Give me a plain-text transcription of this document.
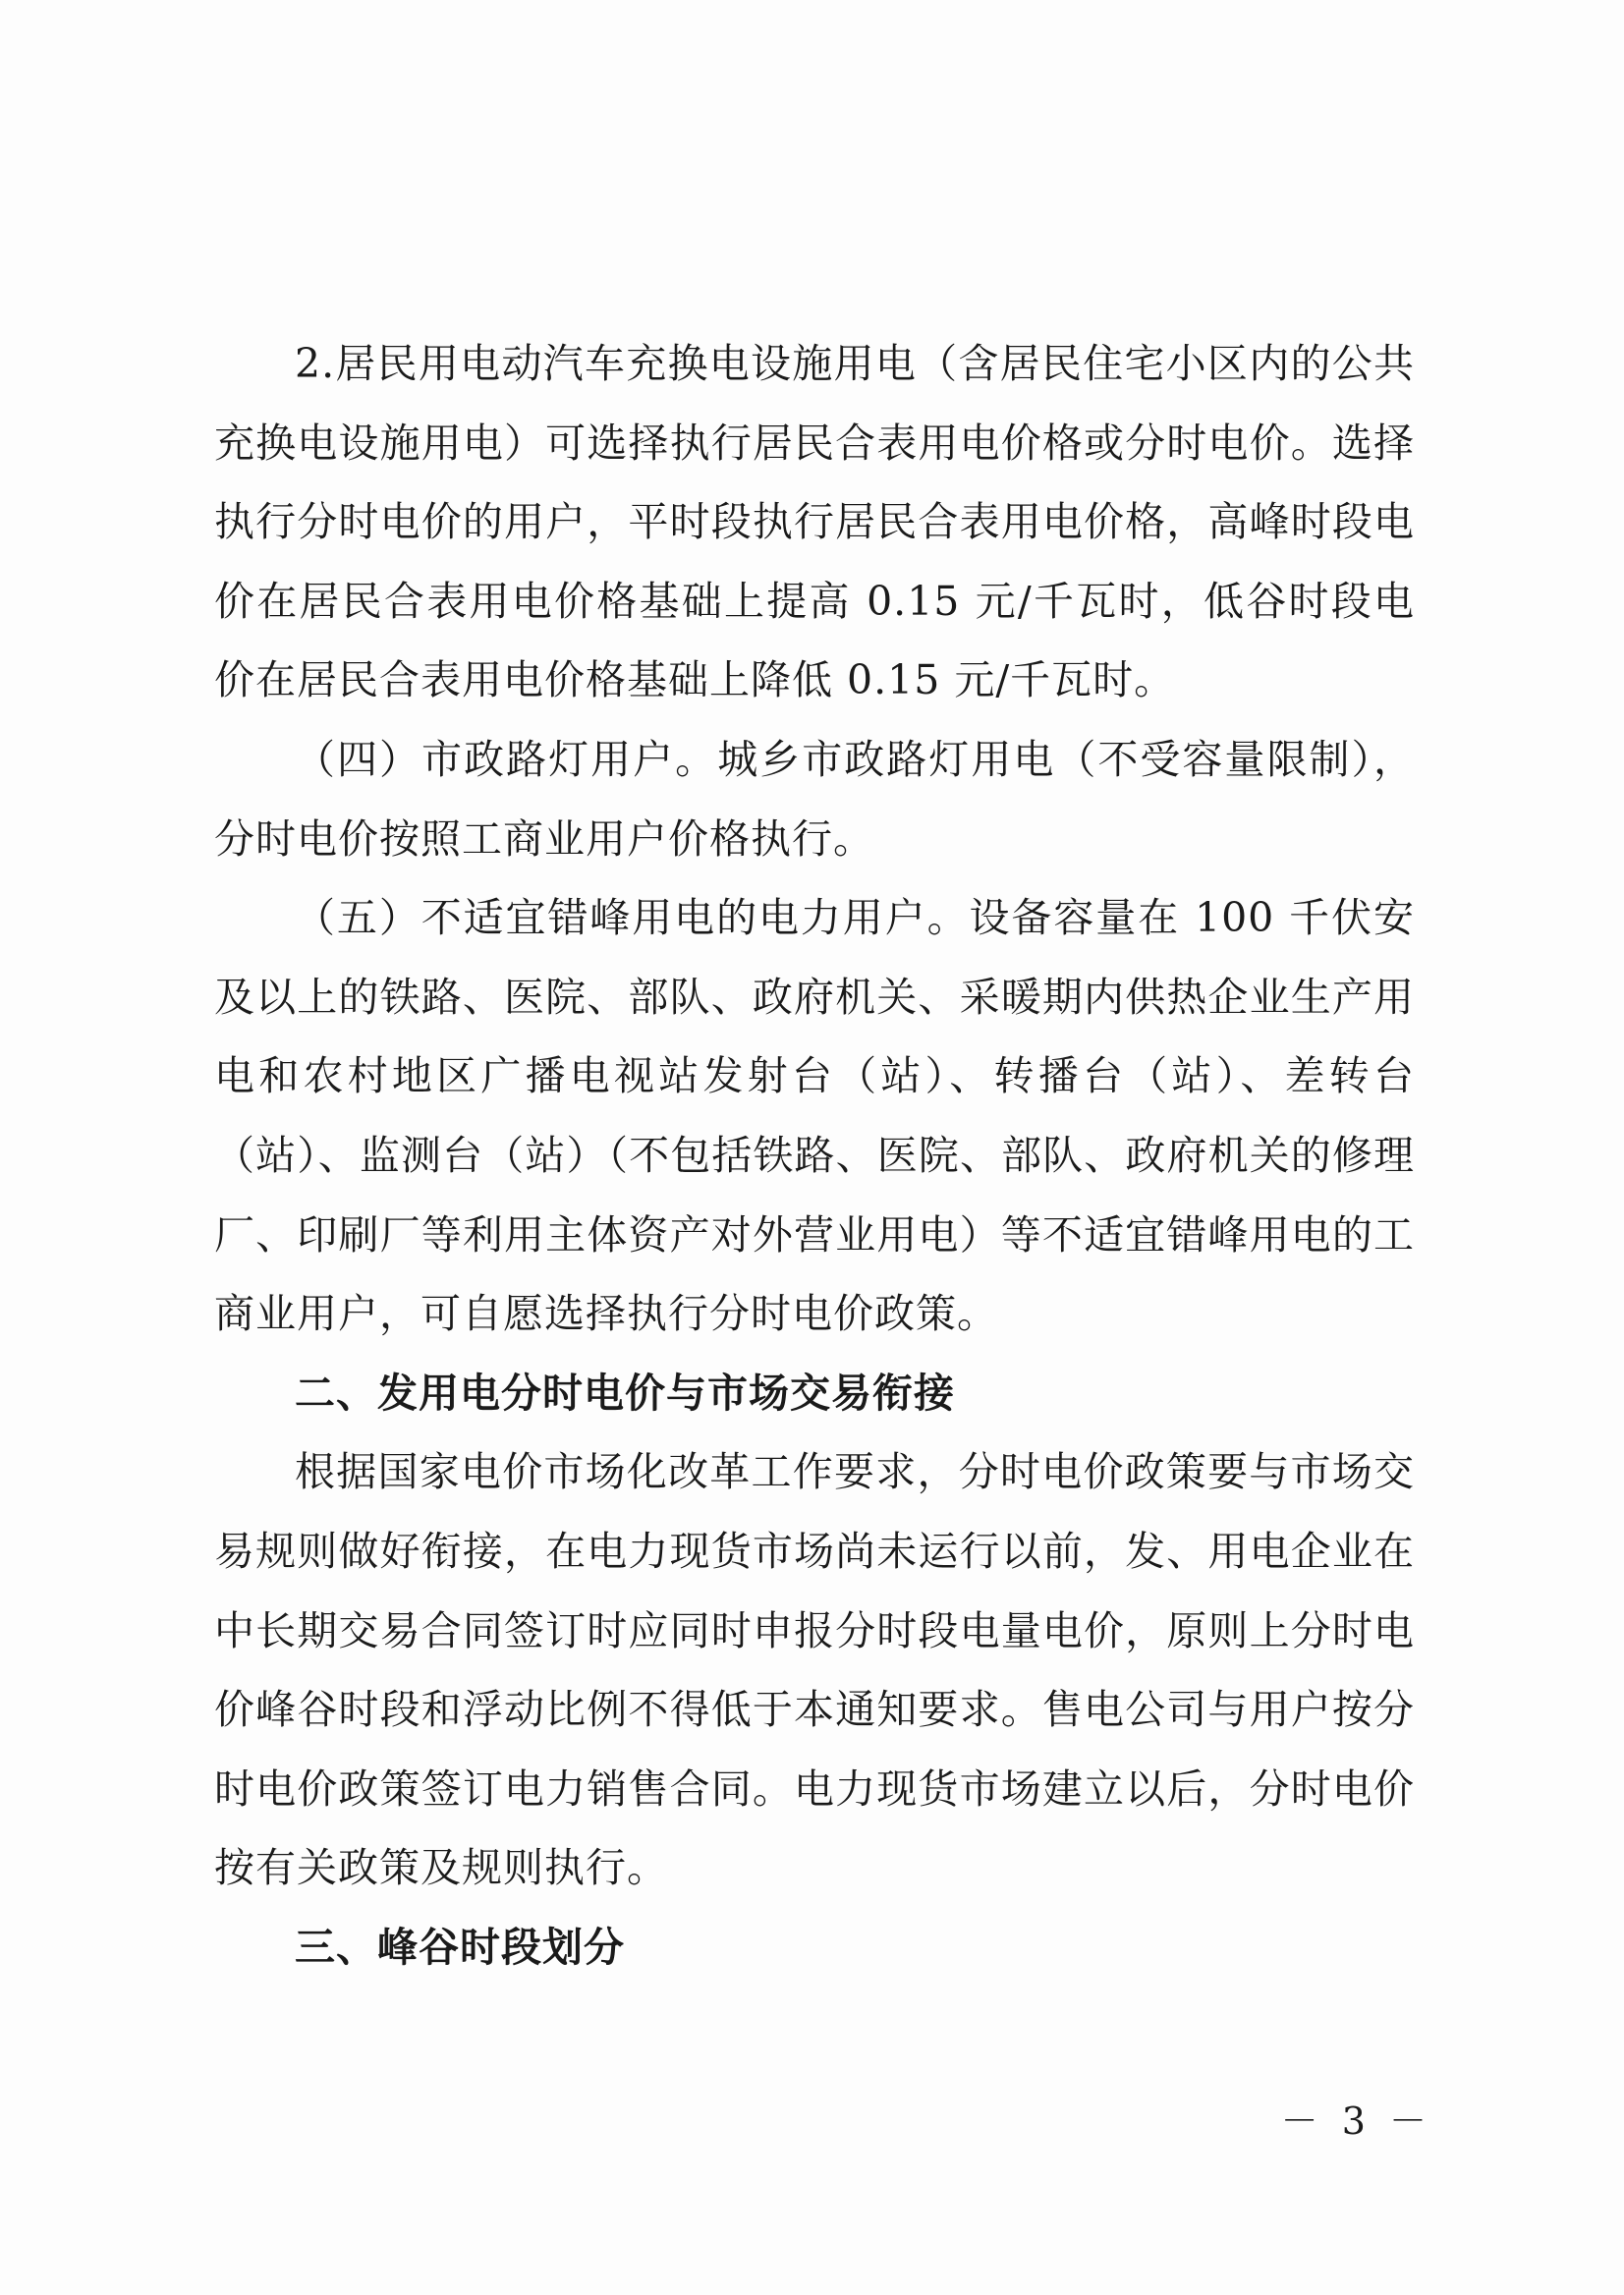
2.居民用电动汽车充换电设施用电（含居民住宅小区内的公共充换电设施用电）可选择执行居民合表用电价格或分时电价。选择执行分时电价的用户，平时段执行居民合表用电价格，高峰时段电价在居民合表用电价格基础上提高 0.15 元/千瓦时，低谷时段电价在居民合表用电价格基础上降低 0.15 元/千瓦时。

（四）市政路灯用户。城乡市政路灯用电（不受容量限制），分时电价按照工商业用户价格执行。

（五）不适宜错峰用电的电力用户。设备容量在 100 千伏安及以上的铁路、医院、部队、政府机关、采暖期内供热企业生产用电和农村地区广播电视站发射台（站）、转播台（站）、差转台（站）、监测台（站）（不包括铁路、医院、部队、政府机关的修理厂、印刷厂等利用主体资产对外营业用电）等不适宜错峰用电的工商业用户，可自愿选择执行分时电价政策。

二、发用电分时电价与市场交易衔接

根据国家电价市场化改革工作要求，分时电价政策要与市场交易规则做好衔接，在电力现货市场尚未运行以前，发、用电企业在中长期交易合同签订时应同时申报分时段电量电价，原则上分时电价峰谷时段和浮动比例不得低于本通知要求。售电公司与用户按分时电价政策签订电力销售合同。电力现货市场建立以后，分时电价按有关政策及规则执行。

三、峰谷时段划分

－ 3 －
